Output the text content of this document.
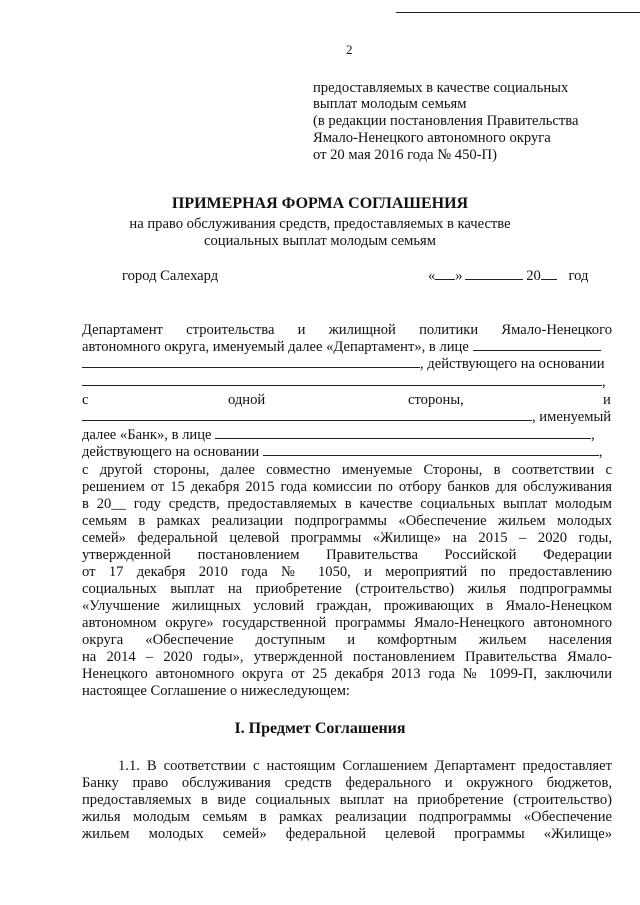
2
предоставляемых в качестве социальных
выплат молодым семьям
(в редакции постановления Правительства
Ямало-Ненецкого автономного округа
от 20 мая 2016 года № 450-П)
ПРИМЕРНАЯ ФОРМА СОГЛАШЕНИЯ
на право обслуживания средств, предоставляемых в качестве
социальных выплат молодым семьям
город Салехард	« »	20 год
Департамент строительства и жилищной политики Ямало-Ненецкого
автономного округа, именуемый далее «Департамент», в лице
, действующего на основании
,
с	одной	стороны,	и
, именуемый
далее «Банк», в лице	,
действующего на основании	,
с другой стороны, далее совместно именуемые Стороны, в соответствии с
решением от 15 декабря 2015 года комиссии по отбору банков для обслуживания
в 20__ году средств, предоставляемых в качестве социальных выплат молодым
семьям в рамках реализации подпрограммы «Обеспечение жильем молодых
семей» федеральной целевой программы «Жилище» на 2015 – 2020 годы,
утвержденной постановлением Правительства Российской Федерации
от 17 декабря 2010 года № 1050, и мероприятий по предоставлению
социальных выплат на приобретение (строительство) жилья подпрограммы
«Улучшение жилищных условий граждан, проживающих в Ямало-Ненецком
автономном округе» государственной программы Ямало-Ненецкого автономного
округа «Обеспечение доступным и комфортным жильем населения
на 2014 – 2020 годы», утвержденной постановлением Правительства Ямало-
Ненецкого автономного округа от 25 декабря 2013 года № 1099-П, заключили
настоящее Соглашение о нижеследующем:
I. Предмет Соглашения
1.1. В соответствии с настоящим Соглашением Департамент предоставляет
Банку право обслуживания средств федерального и окружного бюджетов,
предоставляемых в виде социальных выплат на приобретение (строительство)
жилья молодым семьям в рамках реализации подпрограммы «Обеспечение
жильем молодых семей» федеральной целевой программы «Жилище»
